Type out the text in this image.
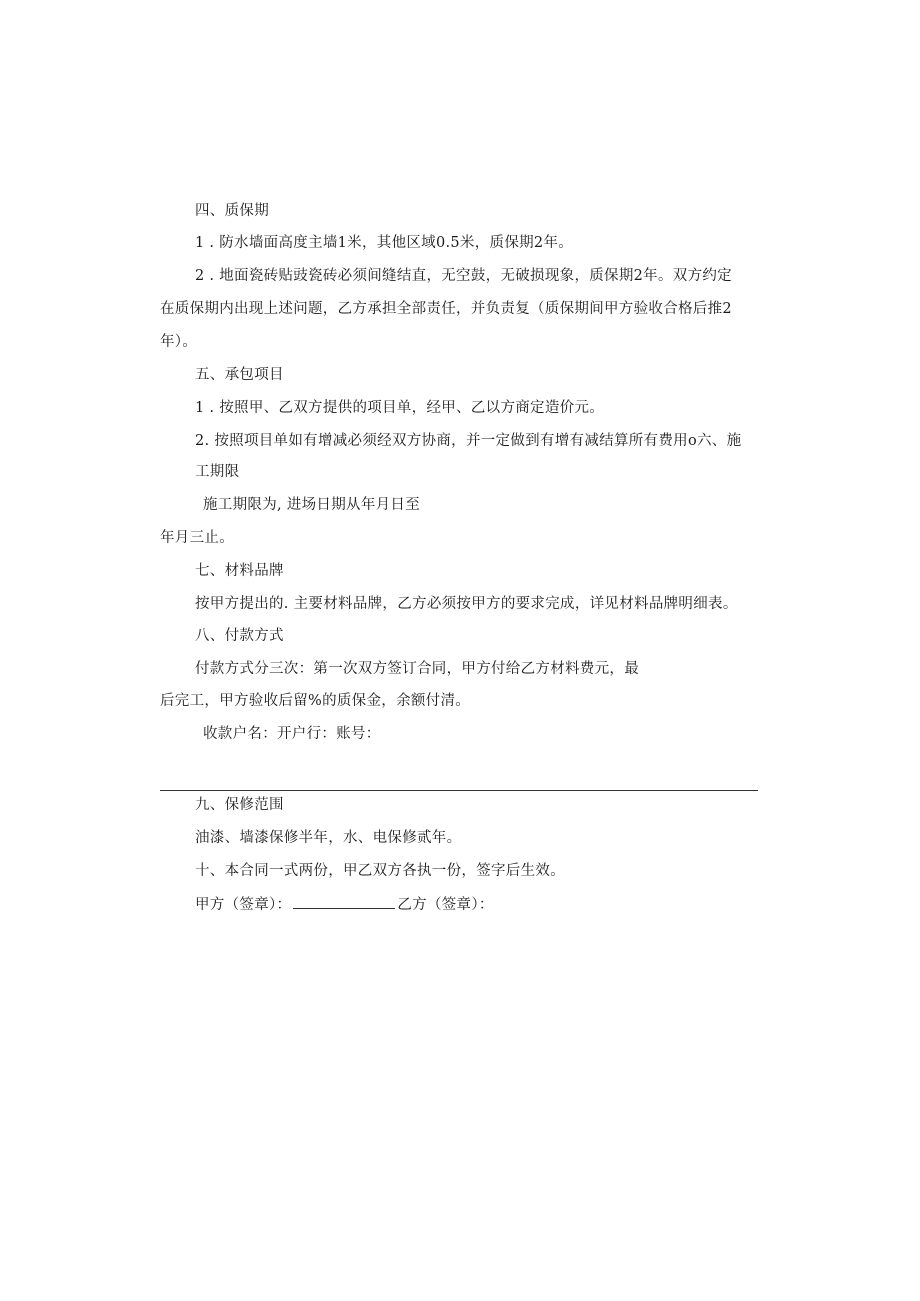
四、质保期
1 . 防水墙面高度主墙1米，其他区域0.5米，质保期2年。
2 . 地面瓷砖贴豉瓷砖必须间缝结直，无空鼓，无破损现象，质保期2年。双方约定
在质保期内出现上述问题，乙方承担全部责任，并负责复（质保期间甲方验收合格后推2
年）。
五、承包项目
1 . 按照甲、乙双方提供的项目单，经甲、乙以方商定造价元。
2. 按照项目单如有增减必须经双方协商，并一定做到有增有减结算所有费用o六、施
工期限
施工期限为, 进场日期从年月日至
年月三止。
七、材料品牌
按甲方提出的. 主要材料品牌，乙方必须按甲方的要求完成，详见材料品牌明细表。
八、付款方式
付款方式分三次：第一次双方签订合同，甲方付给乙方材料费元，最
后完工，甲方验收后留%的质保金，余额付清。
收款户名：开户行：账号：
九、保修范围
油漆、墙漆保修半年，水、电保修贰年。
十、本合同一式两份，甲乙双方各执一份，签字后生效。
甲方（签章）：	乙方（签章）：
